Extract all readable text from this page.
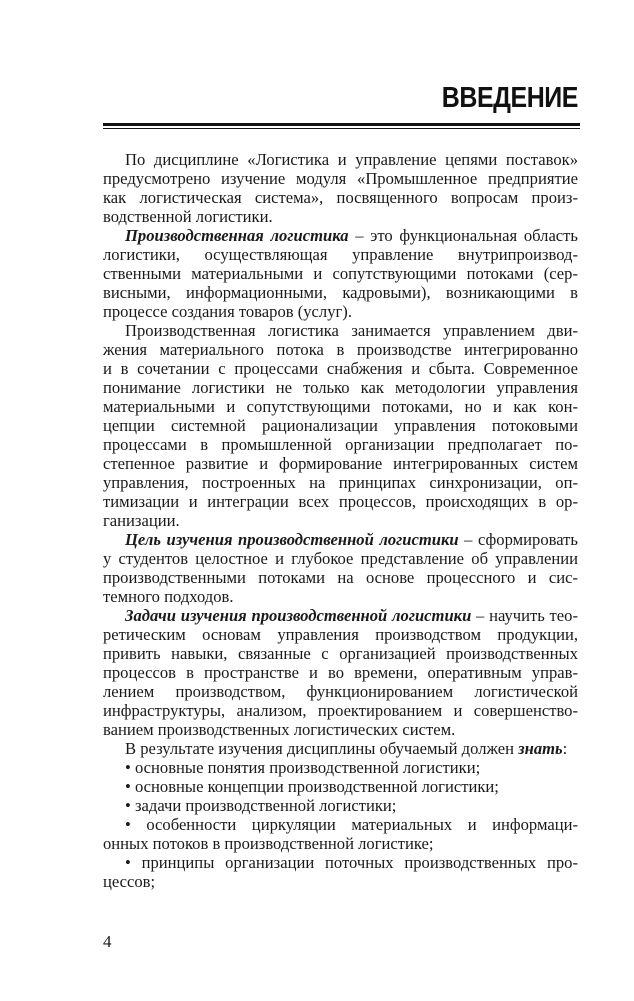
ВВЕДЕНИЕ
По дисциплине «Логистика и управление цепями поставок»
предусмотрено изучение модуля «Промышленное предприятие
как логистическая система», посвященного вопросам произ-
водственной логистики.
Производственная логистика – это функциональная область
логистики, осуществляющая управление внутрипроизвод-
ственными материальными и сопутствующими потоками (сер-
висными, информационными, кадровыми), возникающими в
процессе создания товаров (услуг).
Производственная логистика занимается управлением дви-
жения материального потока в производстве интегрированно
и в сочетании с процессами снабжения и сбыта. Современное
понимание логистики не только как методологии управления
материальными и сопутствующими потоками, но и как кон-
цепции системной рационализации управления потоковыми
процессами в промышленной организации предполагает по-
степенное развитие и формирование интегрированных систем
управления, построенных на принципах синхронизации, оп-
тимизации и интеграции всех процессов, происходящих в ор-
ганизации.
Цель изучения производственной логистики – сформировать
у студентов целостное и глубокое представление об управлении
производственными потоками на основе процессного и сис-
темного подходов.
Задачи изучения производственной логистики – научить тео-
ретическим основам управления производством продукции,
привить навыки, связанные с организацией производственных
процессов в пространстве и во времени, оперативным управ-
лением производством, функционированием логистической
инфраструктуры, анализом, проектированием и совершенство-
ванием производственных логистических систем.
В результате изучения дисциплины обучаемый должен знать:
• основные понятия производственной логистики;
• основные концепции производственной логистики;
• задачи производственной логистики;
• особенности циркуляции материальных и информаци-
онных потоков в производственной логистике;
• принципы организации поточных производственных про-
цессов;
4
